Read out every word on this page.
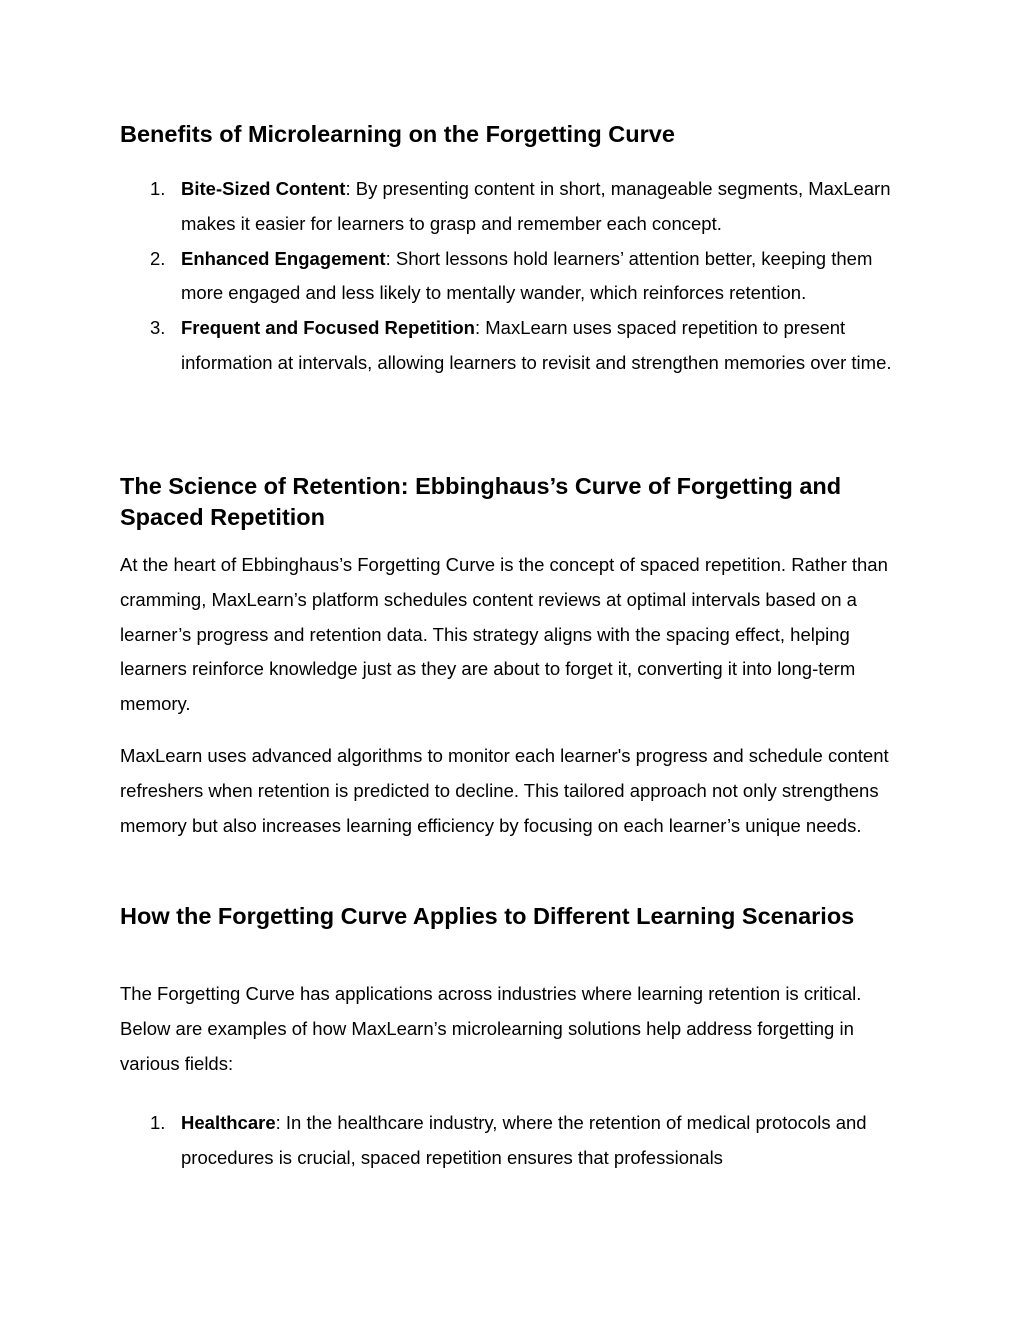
Benefits of Microlearning on the Forgetting Curve
1. Bite-Sized Content: By presenting content in short, manageable segments, MaxLearn makes it easier for learners to grasp and remember each concept.
2. Enhanced Engagement: Short lessons hold learners’ attention better, keeping them more engaged and less likely to mentally wander, which reinforces retention.
3. Frequent and Focused Repetition: MaxLearn uses spaced repetition to present information at intervals, allowing learners to revisit and strengthen memories over time.
The Science of Retention: Ebbinghaus’s Curve of Forgetting and Spaced Repetition

At the heart of Ebbinghaus’s Forgetting Curve is the concept of spaced repetition. Rather than cramming, MaxLearn’s platform schedules content reviews at optimal intervals based on a learner’s progress and retention data. This strategy aligns with the spacing effect, helping learners reinforce knowledge just as they are about to forget it, converting it into long-term memory.

MaxLearn uses advanced algorithms to monitor each learner's progress and schedule content refreshers when retention is predicted to decline. This tailored approach not only strengthens memory but also increases learning efficiency by focusing on each learner’s unique needs.

How the Forgetting Curve Applies to Different Learning Scenarios

The Forgetting Curve has applications across industries where learning retention is critical. Below are examples of how MaxLearn’s microlearning solutions help address forgetting in various fields:

1. Healthcare: In the healthcare industry, where the retention of medical protocols and procedures is crucial, spaced repetition ensures that professionals
